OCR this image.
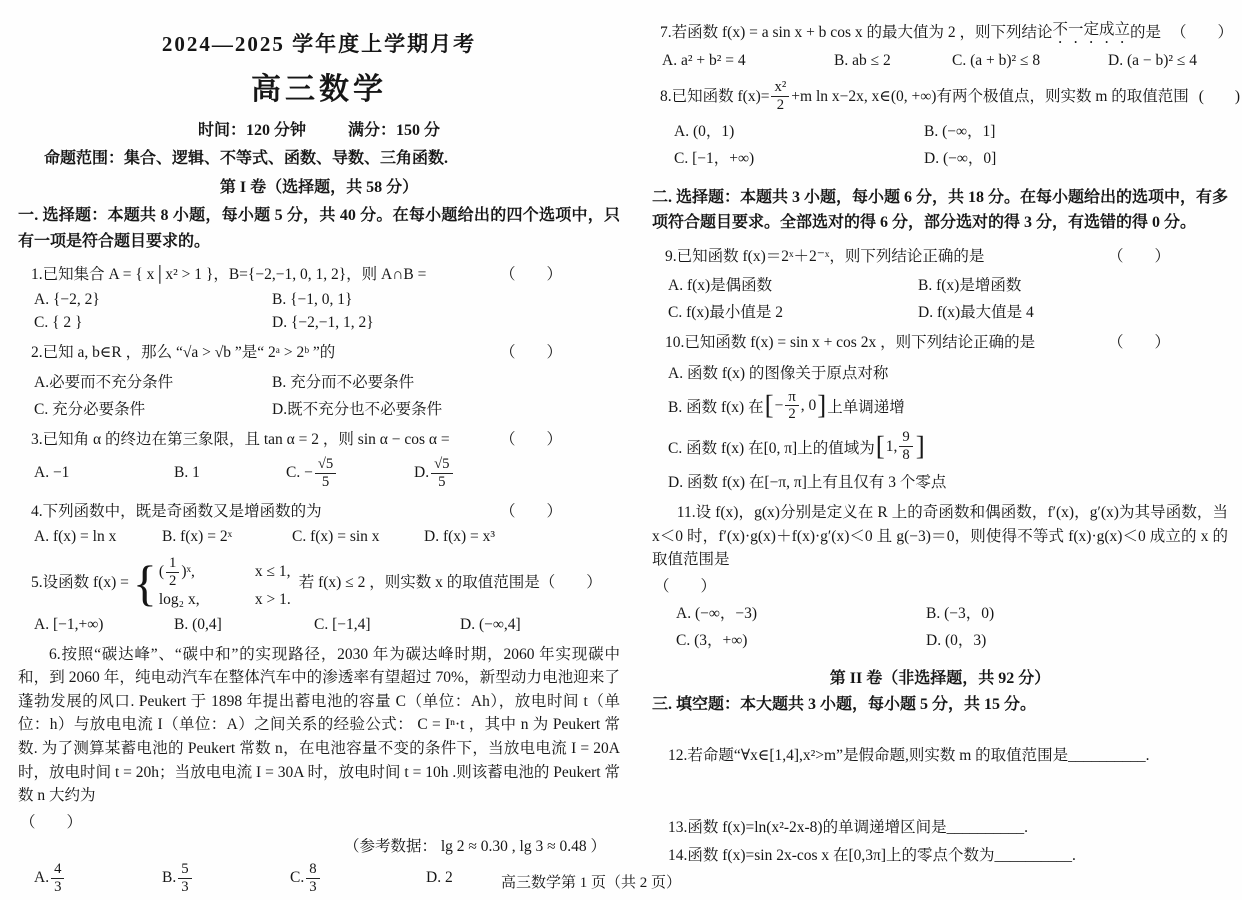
2024—2025 学年度上学期月考
高三数学
时间：120 分钟	满分：150 分
命题范围：集合、逻辑、不等式、函数、导数、三角函数.
第 I 卷（选择题，共 58 分）
一. 选择题：本题共 8 小题，每小题 5 分，共 40 分。在每小题给出的四个选项中，只有一项是符合题目要求的。
1.已知集合 A = { x│x² > 1 }，B={−2,−1, 0, 1, 2}，则 A∩B =	（　　）
A. {−2, 2}	B. {−1, 0, 1}
C. { 2 }	D. {−2,−1, 1, 2}
2.已知 a, b∈R ，那么 “√a > √b ”是“ 2ᵃ > 2ᵇ ”的	（　　）
A.必要而不充分条件	B. 充分而不必要条件
C. 充分必要条件	D.既不充分也不必要条件
3.已知角 α 的终边在第三象限，且 tan α = 2 ，则 sin α − cos α =	（　　）
A. −1	B. 1	C. − $\frac{√5}{5}$	D. $\frac{√5}{5}$
4.下列函数中，既是奇函数又是增函数的为	（　　）
A. f(x) = ln x	B. f(x) = 2ˣ	C. f(x) = sin x	D. f(x) = x³
5.设函数 f(x) = { ( $\frac{1}{2}$ )ˣ,	x ≤ 1,
log₂ x,	x > 1.
若 f(x) ≤ 2 ，则实数 x 的取值范围是 （　　）
A. [−1,+∞)	B. (0,4]	C. [−1,4]	D. (−∞,4]
6.按照“碳达峰”、“碳中和”的实现路径，2030 年为碳达峰时期，2060 年实现碳中和，到 2060 年，纯电动汽车在整体汽车中的渗透率有望超过 70%，新型动力电池迎来了蓬勃发展的风口. Peukert 于 1898 年提出蓄电池的容量 C（单位：Ah），放电时间 t（单位：h）与放电电流 I（单位：A）之间关系的经验公式： C = Iⁿ·t ，其中 n 为 Peukert 常数. 为了测算某蓄电池的 Peukert 常数 n，在电池容量不变的条件下，当放电电流 I = 20A 时，放电时间 t = 20h；当放电电流 I = 30A 时，放电时间 t = 10h .则该蓄电池的 Peukert 常数 n 大约为
（　　）
（参考数据： lg 2 ≈ 0.30 , lg 3 ≈ 0.48 ）
A. $\frac{4}{3}$	B. $\frac{5}{3}$	C. $\frac{8}{3}$	D. 2
7.若函数 f(x) = a sin x + b cos x 的最大值为 2 ，则下列结论 不一定成立 的是 （　　）
A. a² + b² = 4	B. ab ≤ 2	C. (a + b)² ≤ 8	D. (a − b)² ≤ 4
8.已知函数 $f(x)= \frac{\text{x²}}{2} +m$ ln x−2x, x∈(0, +∞)有两个极值点，则实数 m 的取值范围 (　　)
A. (0，1)	B. (−∞，1]
C. [−1，+∞)	D. (−∞，0]
二. 选择题：本题共 3 小题，每小题 6 分，共 18 分。在每小题给出的选项中，有多项符合题目要求。全部选对的得 6 分，部分选对的得 3 分，有选错的得 0 分。
9.已知函数 f(x)＝2ˣ＋2⁻ˣ，则下列结论正确的是	（　　）
A. f(x)是偶函数	B. f(x)是增函数
C. f(x)最小值是 2	D. f(x)最大值是 4
10.已知函数 f(x) = sin x + cos 2x ，则下列结论正确的是	（　　）
A. 函数 f(x) 的图像关于原点对称
B. 函数 f(x) 在 [ − $\frac{\pi}{2}$ , 0 ] 上单调递增
C. 函数 f(x) 在[0, π]上的值域为 [ 1, $\frac{9}{8}$ ]
D. 函数 f(x) 在[−π, π]上有且仅有 3 个零点
11.设 f(x)，g(x)分别是定义在 R 上的奇函数和偶函数，f′(x)，g′(x)为其导函数，当 x＜0 时，f′(x)·g(x)＋f(x)·g′(x)＜0 且 g(−3)＝0，则使得不等式 f(x)·g(x)＜0 成立的 x 的取值范围是
（　　）
A. (−∞，−3)	B. (−3，0)
C. (3，+∞)	D. (0，3)
第 II 卷（非选择题，共 92 分）
三. 填空题：本大题共 3 小题，每小题 5 分，共 15 分。
12.若命题“∀x∈[1,4],x²>m”是假命题,则实数 m 的取值范围是__________.
13.函数 f(x)=ln(x²-2x-8)的单调递增区间是__________.
14.函数 f(x)=sin 2x-cos x 在[0,3π]上的零点个数为__________.
高三数学第 1 页（共 2 页）
